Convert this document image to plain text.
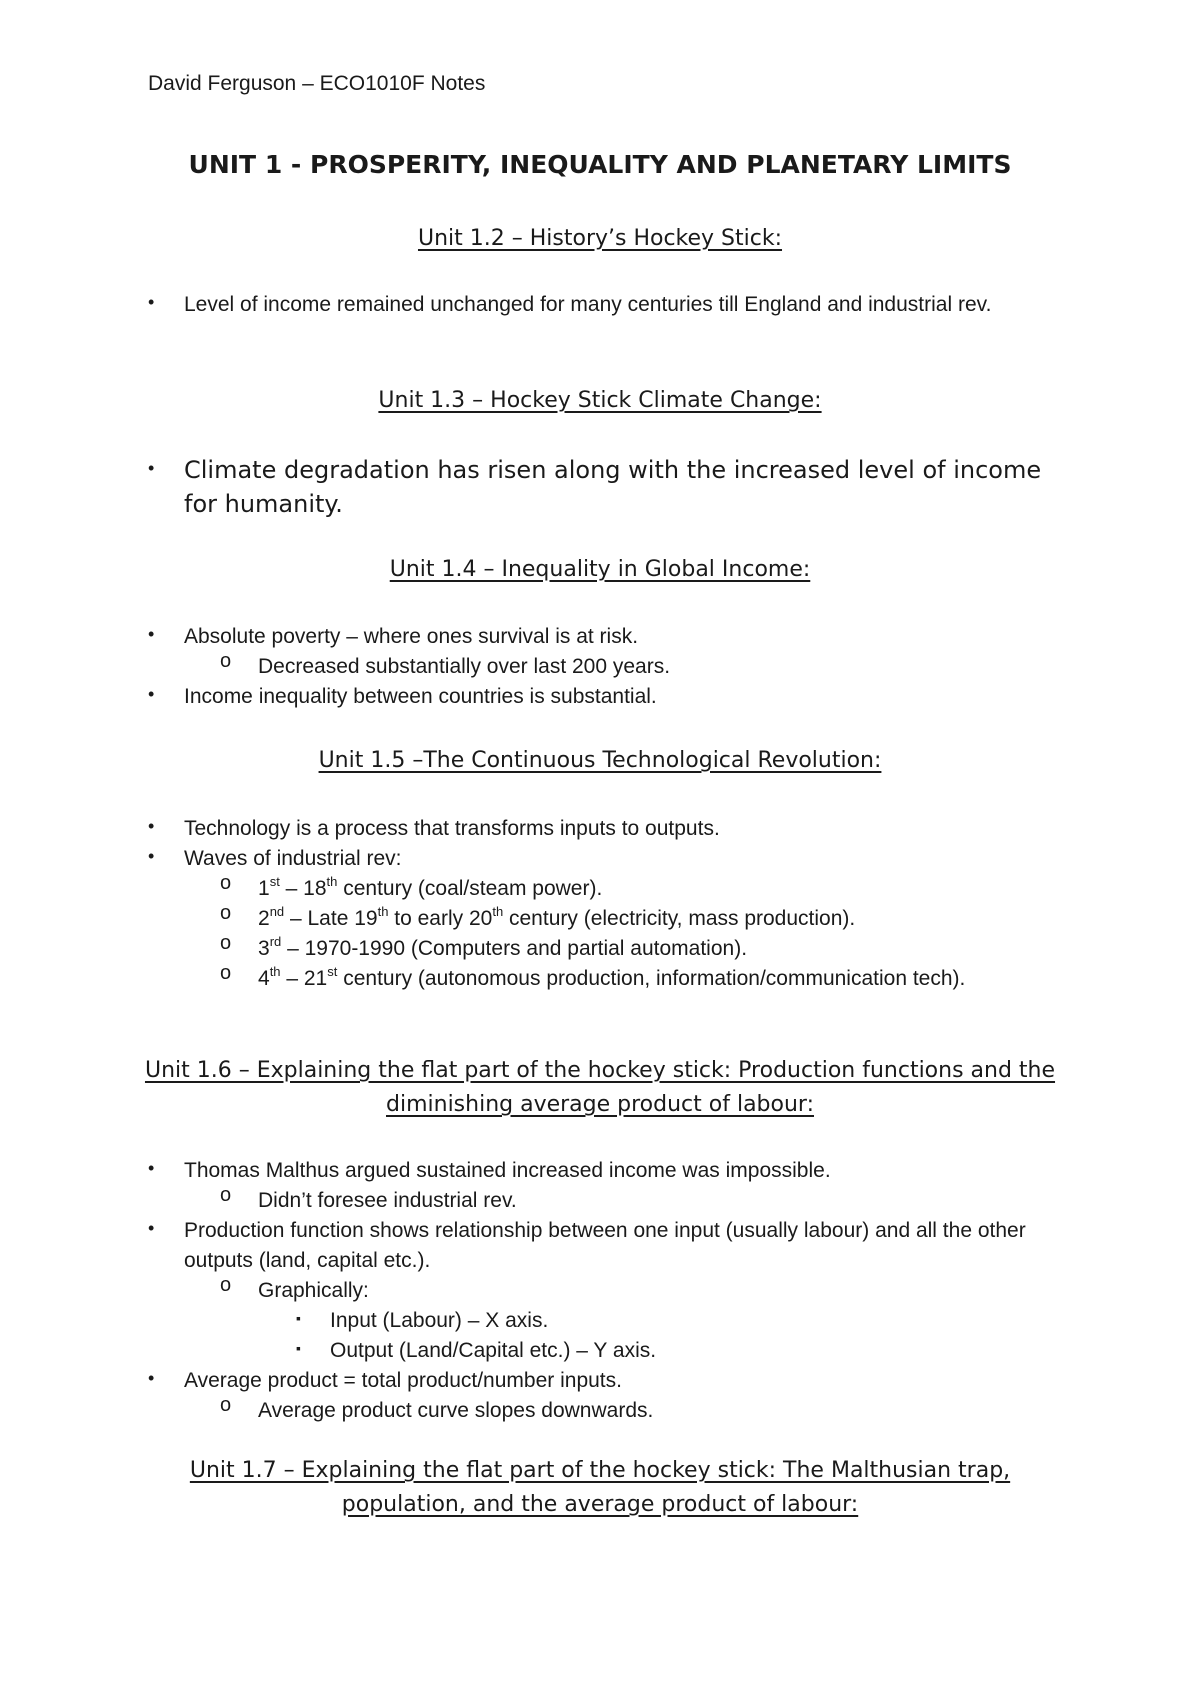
David Ferguson – ECO1010F Notes
UNIT 1 - PROSPERITY, INEQUALITY AND PLANETARY LIMITS
Unit 1.2 – History’s Hockey Stick:
• Level of income remained unchanged for many centuries till England and industrial rev.
Unit 1.3 – Hockey Stick Climate Change:
• Climate degradation has risen along with the increased level of income for humanity.
Unit 1.4 – Inequality in Global Income:
• Absolute poverty – where ones survival is at risk.
o Decreased substantially over last 200 years.
• Income inequality between countries is substantial.
Unit 1.5 –The Continuous Technological Revolution:
• Technology is a process that transforms inputs to outputs.
• Waves of industrial rev:
o 1st – 18th century (coal/steam power).
o 2nd – Late 19th to early 20th century (electricity, mass production).
o 3rd – 1970-1990 (Computers and partial automation).
o 4th – 21st century (autonomous production, information/communication tech).
Unit 1.6 – Explaining the flat part of the hockey stick: Production functions and the diminishing average product of labour:
• Thomas Malthus argued sustained increased income was impossible.
o Didn’t foresee industrial rev.
• Production function shows relationship between one input (usually labour) and all the other outputs (land, capital etc.).
o Graphically:
▪ Input (Labour) – X axis.
▪ Output (Land/Capital etc.) – Y axis.
• Average product = total product/number inputs.
o Average product curve slopes downwards.
Unit 1.7 – Explaining the flat part of the hockey stick: The Malthusian trap, population, and the average product of labour:
